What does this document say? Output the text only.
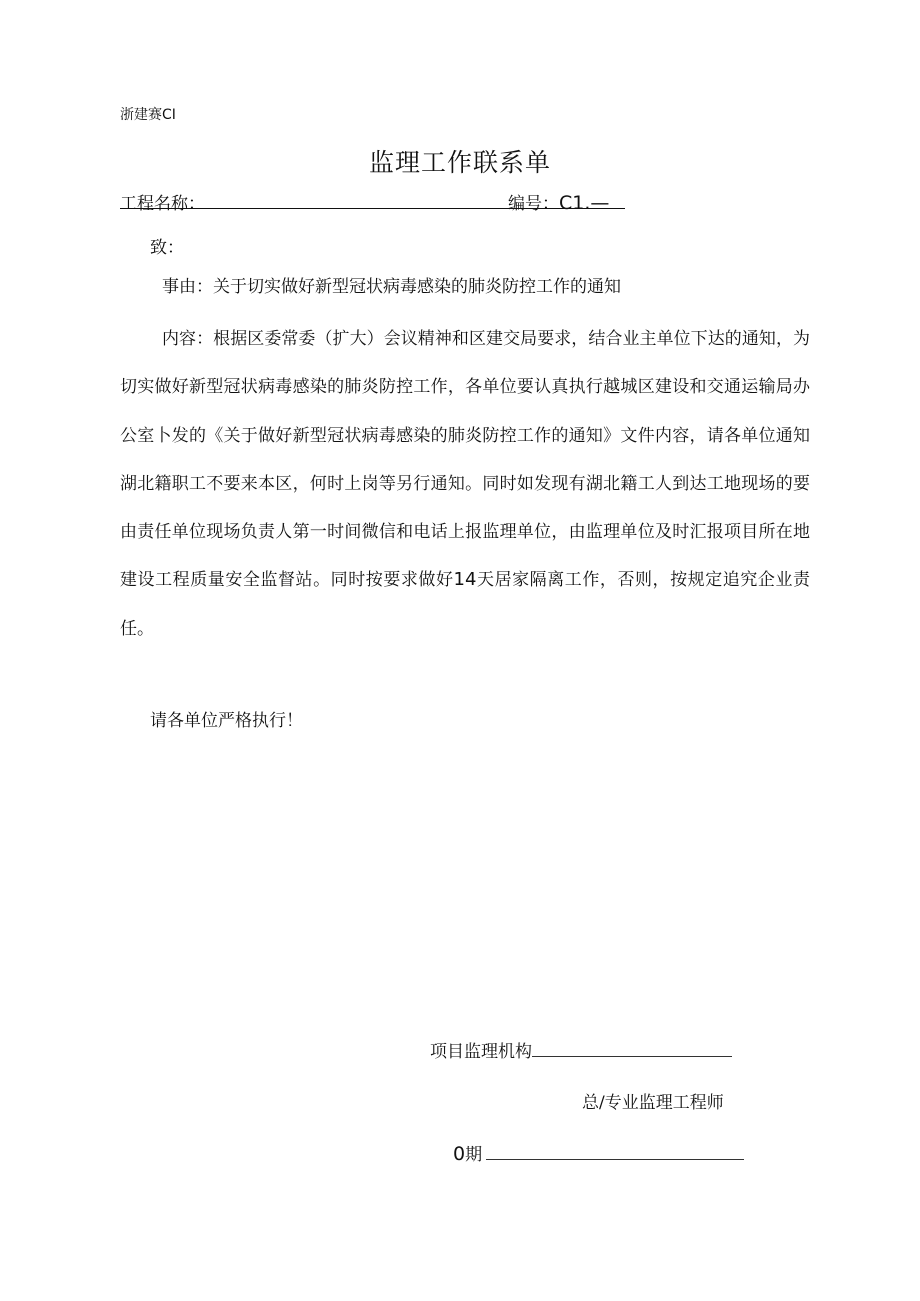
浙建赛CI
监理工作联系单
工程名称：	编号：C1.—
致：
事由：关于切实做好新型冠状病毒感染的肺炎防控工作的通知
内容：根据区委常委（扩大）会议精神和区建交局要求，结合业主单位下达的通知，为切实做好新型冠状病毒感染的肺炎防控工作，各单位要认真执行越城区建设和交通运输局办公室卜发的《关于做好新型冠状病毒感染的肺炎防控工作的通知》文件内容，请各单位通知湖北籍职工不要来本区，何时上岗等另行通知。同时如发现有湖北籍工人到达工地现场的要由责任单位现场负责人第一时间微信和电话上报监理单位，由监理单位及时汇报项目所在地建设工程质量安全监督站。同时按要求做好14天居家隔离工作，否则，按规定追究企业责任。
请各单位严格执行！
项目监理机构
总/专业监理工程师
0期
